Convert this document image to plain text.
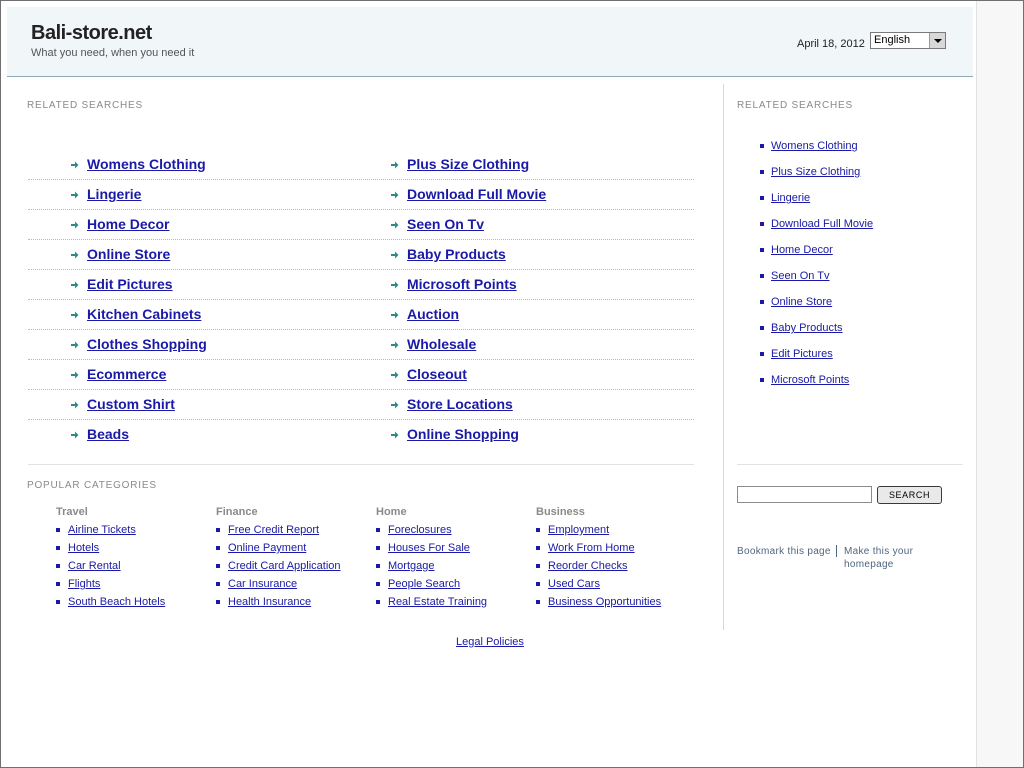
Bali-store.net
What you need, when you need it
April 18, 2012 English
RELATED SEARCHES
Womens Clothing
Lingerie
Home Decor
Online Store
Edit Pictures
Kitchen Cabinets
Clothes Shopping
Ecommerce
Custom Shirt
Beads
Plus Size Clothing
Download Full Movie
Seen On Tv
Baby Products
Microsoft Points
Auction
Wholesale
Closeout
Store Locations
Online Shopping
POPULAR CATEGORIES
Travel
Airline Tickets
Hotels
Car Rental
Flights
South Beach Hotels
Finance
Free Credit Report
Online Payment
Credit Card Application
Car Insurance
Health Insurance
Home
Foreclosures
Houses For Sale
Mortgage
People Search
Real Estate Training
Business
Employment
Work From Home
Reorder Checks
Used Cars
Business Opportunities
RELATED SEARCHES
Womens Clothing
Plus Size Clothing
Lingerie
Download Full Movie
Home Decor
Seen On Tv
Online Store
Baby Products
Edit Pictures
Microsoft Points
SEARCH
Bookmark this page Make this your
homepage
Legal Policies
